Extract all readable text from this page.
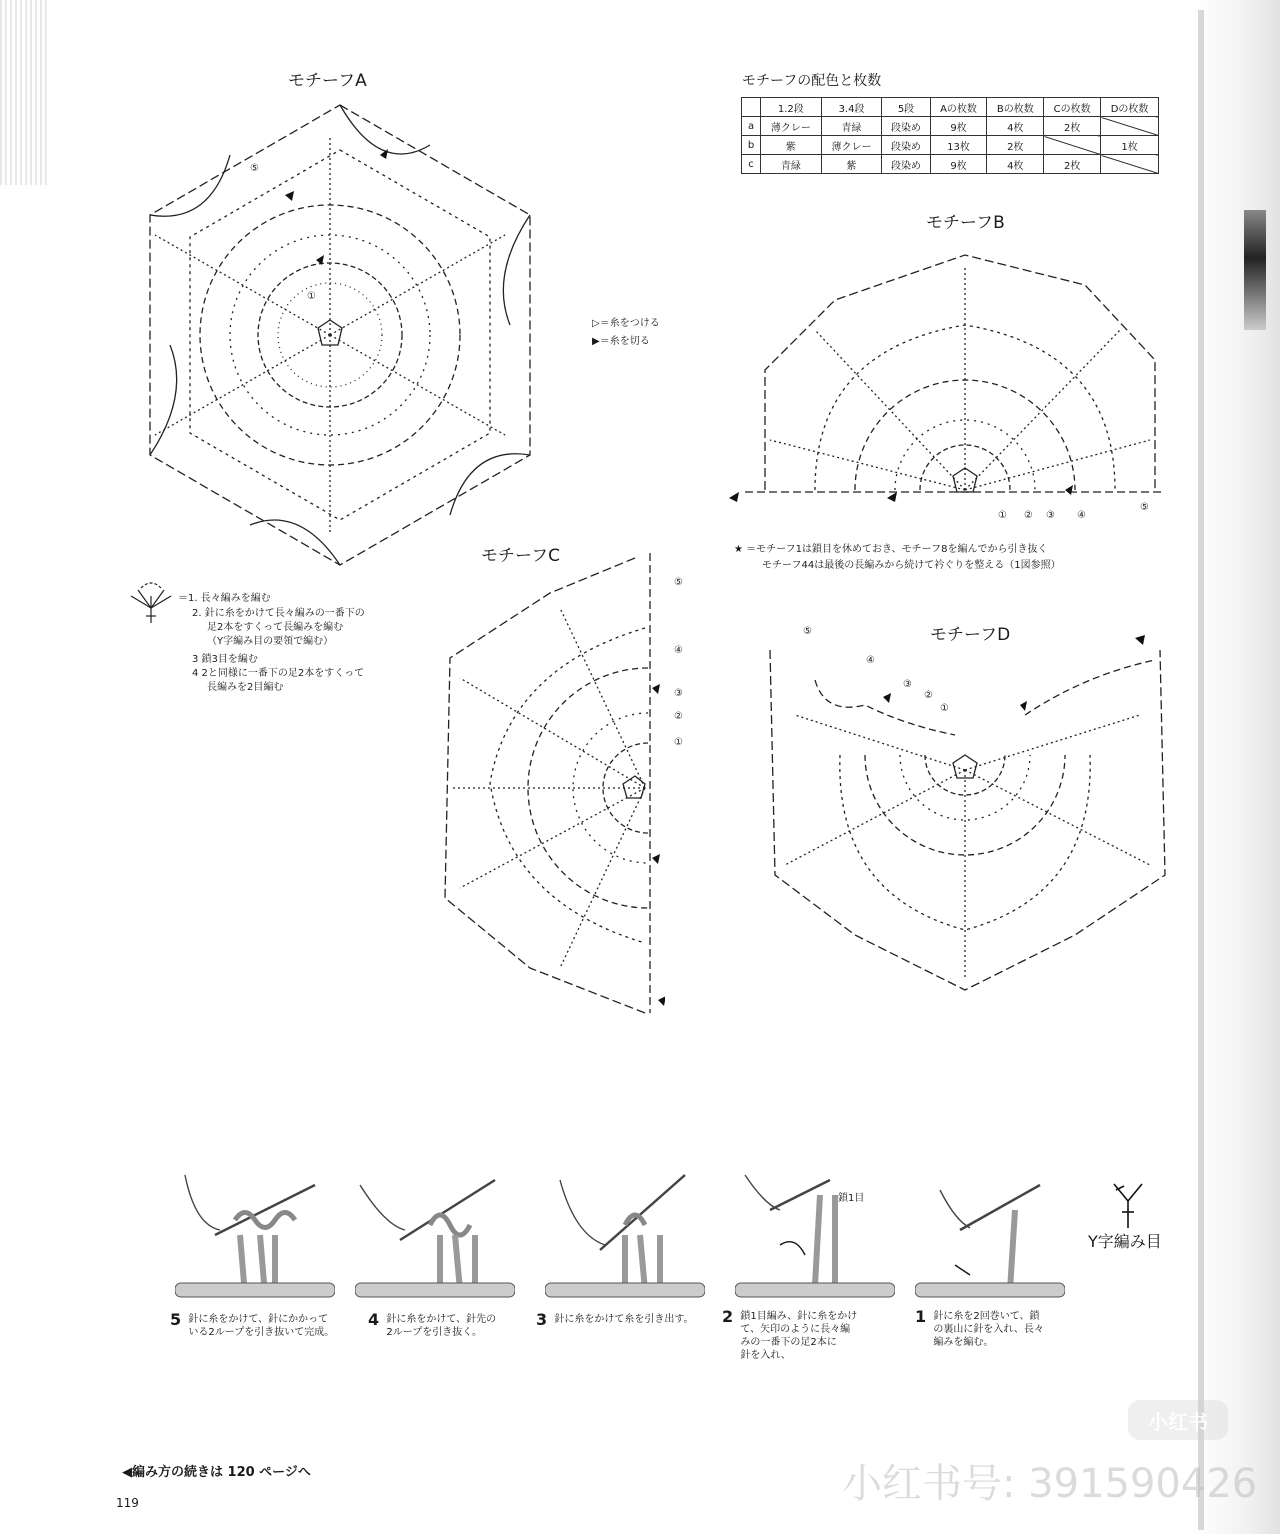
モチーフA
⑤
①
▷＝糸をつける
▶＝糸を切る
モチーフの配色と枚数
	1.2段	3.4段	5段	Aの枚数	Bの枚数	Cの枚数	Dの枚数
a	薄クレー	青緑	段染め	9枚	4枚	2枚	
b	紫	薄クレー	段染め	13枚	2枚		1枚
c	青緑	紫	段染め	9枚	4枚	2枚	
モチーフB
① ② ③ ④
⑤
★ ＝モチーフ1は鎖目を休めておき、モチーフ8を編んでから引き抜く
モチーフ44は最後の長編みから続けて衿ぐりを整える（1図参照）
モチーフC
⑤
④
③
②
①
モチーフD
⑤
④
③
②
①
＝1. 長々編みを編む
2. 針に糸をかけて長々編みの一番下の
足2本をすくって長編みを編む
（Y字編み目の要領で編む）
3 鎖3目を編む
4 2と同様に一番下の足2本をすくって
長編みを2目編む
鎖1目
Y字編み目
5 針に糸をかけて、針にかかって
いる2ループを引き抜いて完成。
4 針に糸をかけて、針先の
2ループを引き抜く。
3 針に糸をかけて糸を引き出す。 2 鎖1目編み、針に糸をかけ
て、矢印のように長々編
みの一番下の足2本に
針を入れ、
1 針に糸を2回巻いて、鎖
の裏山に針を入れ、長々
編みを編む。
◀編み方の続きは 120 ページへ
119
小红书
小红书号: 391590426
